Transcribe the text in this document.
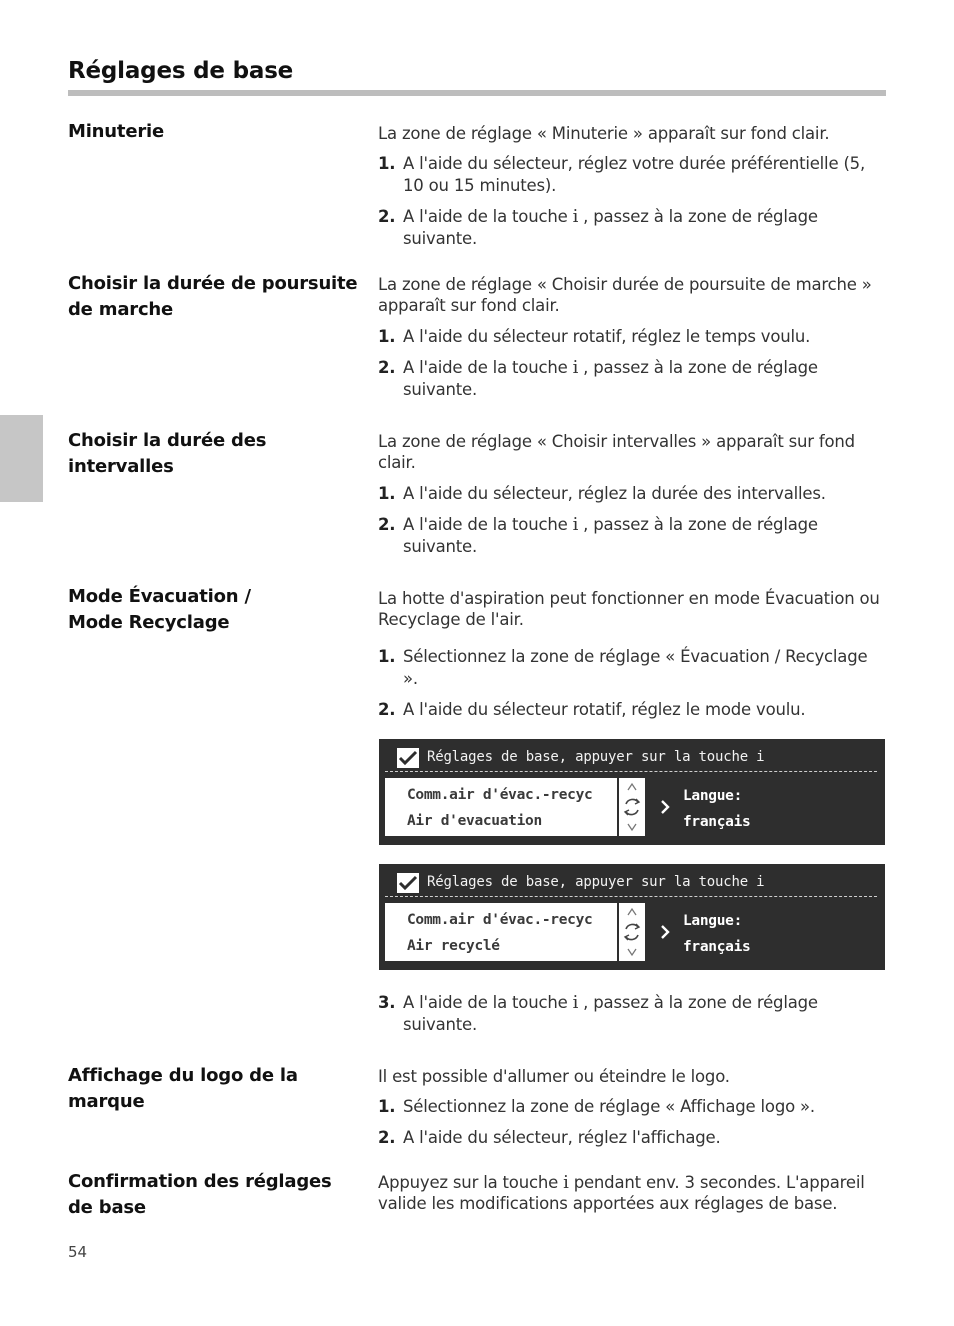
Réglages de base
Minuterie	La zone de réglage « Minuterie » apparaît sur fond clair.

1. A l'aide du sélecteur, réglez votre durée préférentielle (5, 10 ou 15 minutes).
2. A l'aide de la touche i , passez à la zone de réglage suivante.
Choisir la durée de poursuite de marche

La zone de réglage « Choisir durée de poursuite de marche » apparaît sur fond clair.

1. A l'aide du sélecteur rotatif, réglez le temps voulu.
2. A l'aide de la touche i , passez à la zone de réglage suivante.
Choisir la durée des intervalles

La zone de réglage « Choisir intervalles » apparaît sur fond clair.

1. A l'aide du sélecteur, réglez la durée des intervalles.
2. A l'aide de la touche i , passez à la zone de réglage suivante.
Mode Évacuation /
Mode Recyclage

La hotte d'aspiration peut fonctionner en mode Évacuation ou Recyclage de l'air.

1. Sélectionnez la zone de réglage « Évacuation / Recyclage ».
2. A l'aide du sélecteur rotatif, réglez le mode voulu.
Réglages de base, appuyer sur la touche i
Comm.air d'évac.-recyc
Air d'evacuation
Langue:
français
Réglages de base, appuyer sur la touche i
Comm.air d'évac.-recyc
Air recyclé
Langue:
français
3. A l'aide de la touche i , passez à la zone de réglage suivante.
Affichage du logo de la marque

Il est possible d'allumer ou éteindre le logo.

1. Sélectionnez la zone de réglage « Affichage logo ».
2. A l'aide du sélecteur, réglez l'affichage.
Confirmation des réglages de base

Appuyez sur la touche i pendant env. 3 secondes. L'appareil valide les modifications apportées aux réglages de base.

54
